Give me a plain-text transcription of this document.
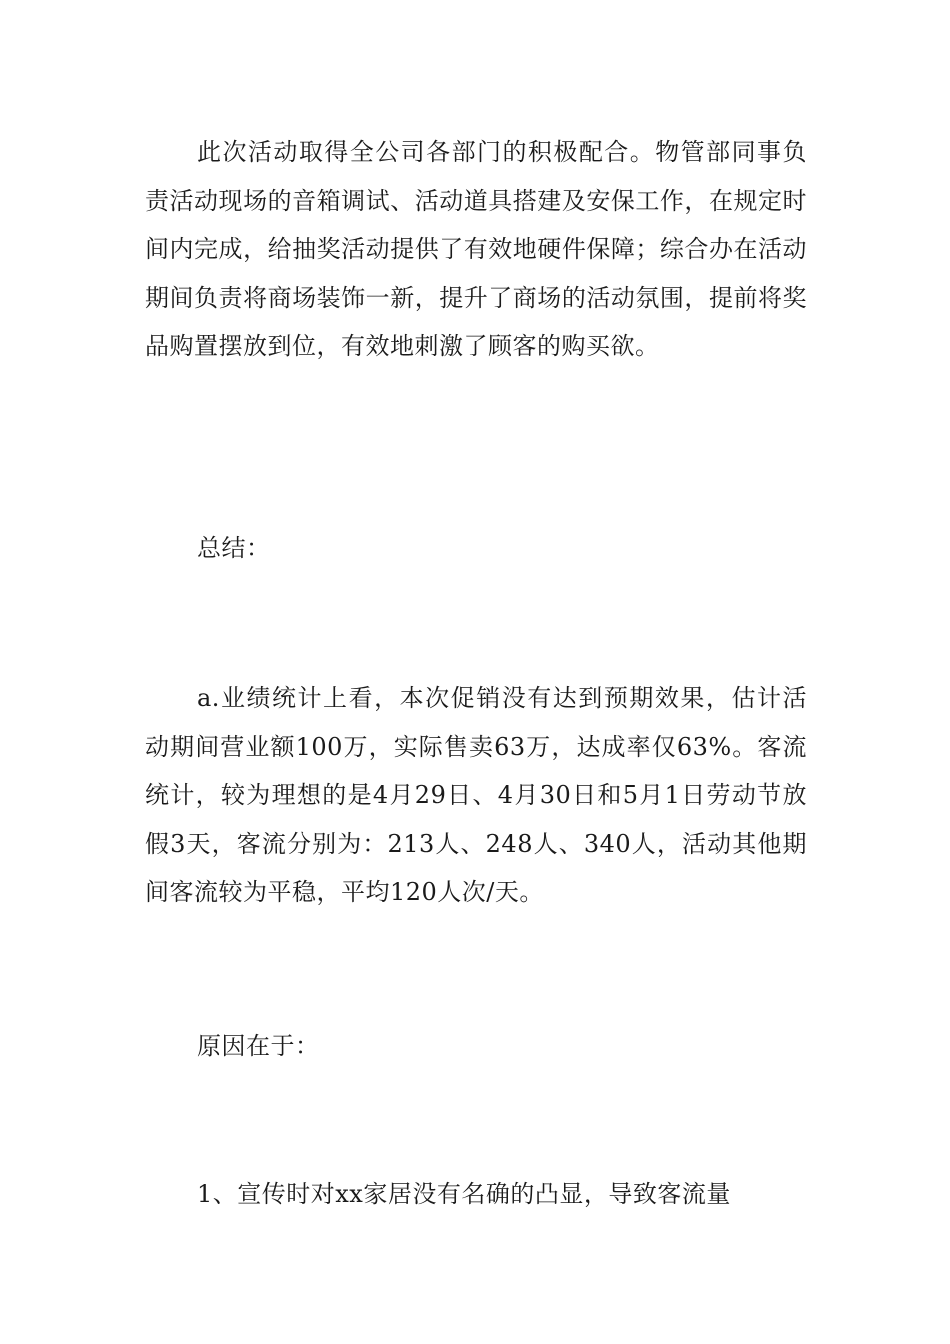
此次活动取得全公司各部门的积极配合。物管部同事负责活动现场的音箱调试、活动道具搭建及安保工作，在规定时间内完成，给抽奖活动提供了有效地硬件保障；综合办在活动期间负责将商场装饰一新，提升了商场的活动氛围，提前将奖品购置摆放到位，有效地刺激了顾客的购买欲。

总结：

a.业绩统计上看，本次促销没有达到预期效果，估计活动期间营业额100万，实际售卖63万，达成率仅63%。客流统计，较为理想的是4月29日、4月30日和5月1日劳动节放假3天，客流分别为：213人、248人、340人，活动其他期间客流较为平稳，平均120人次/天。

原因在于：

1、宣传时对xx家居没有名确的凸显，导致客流量
